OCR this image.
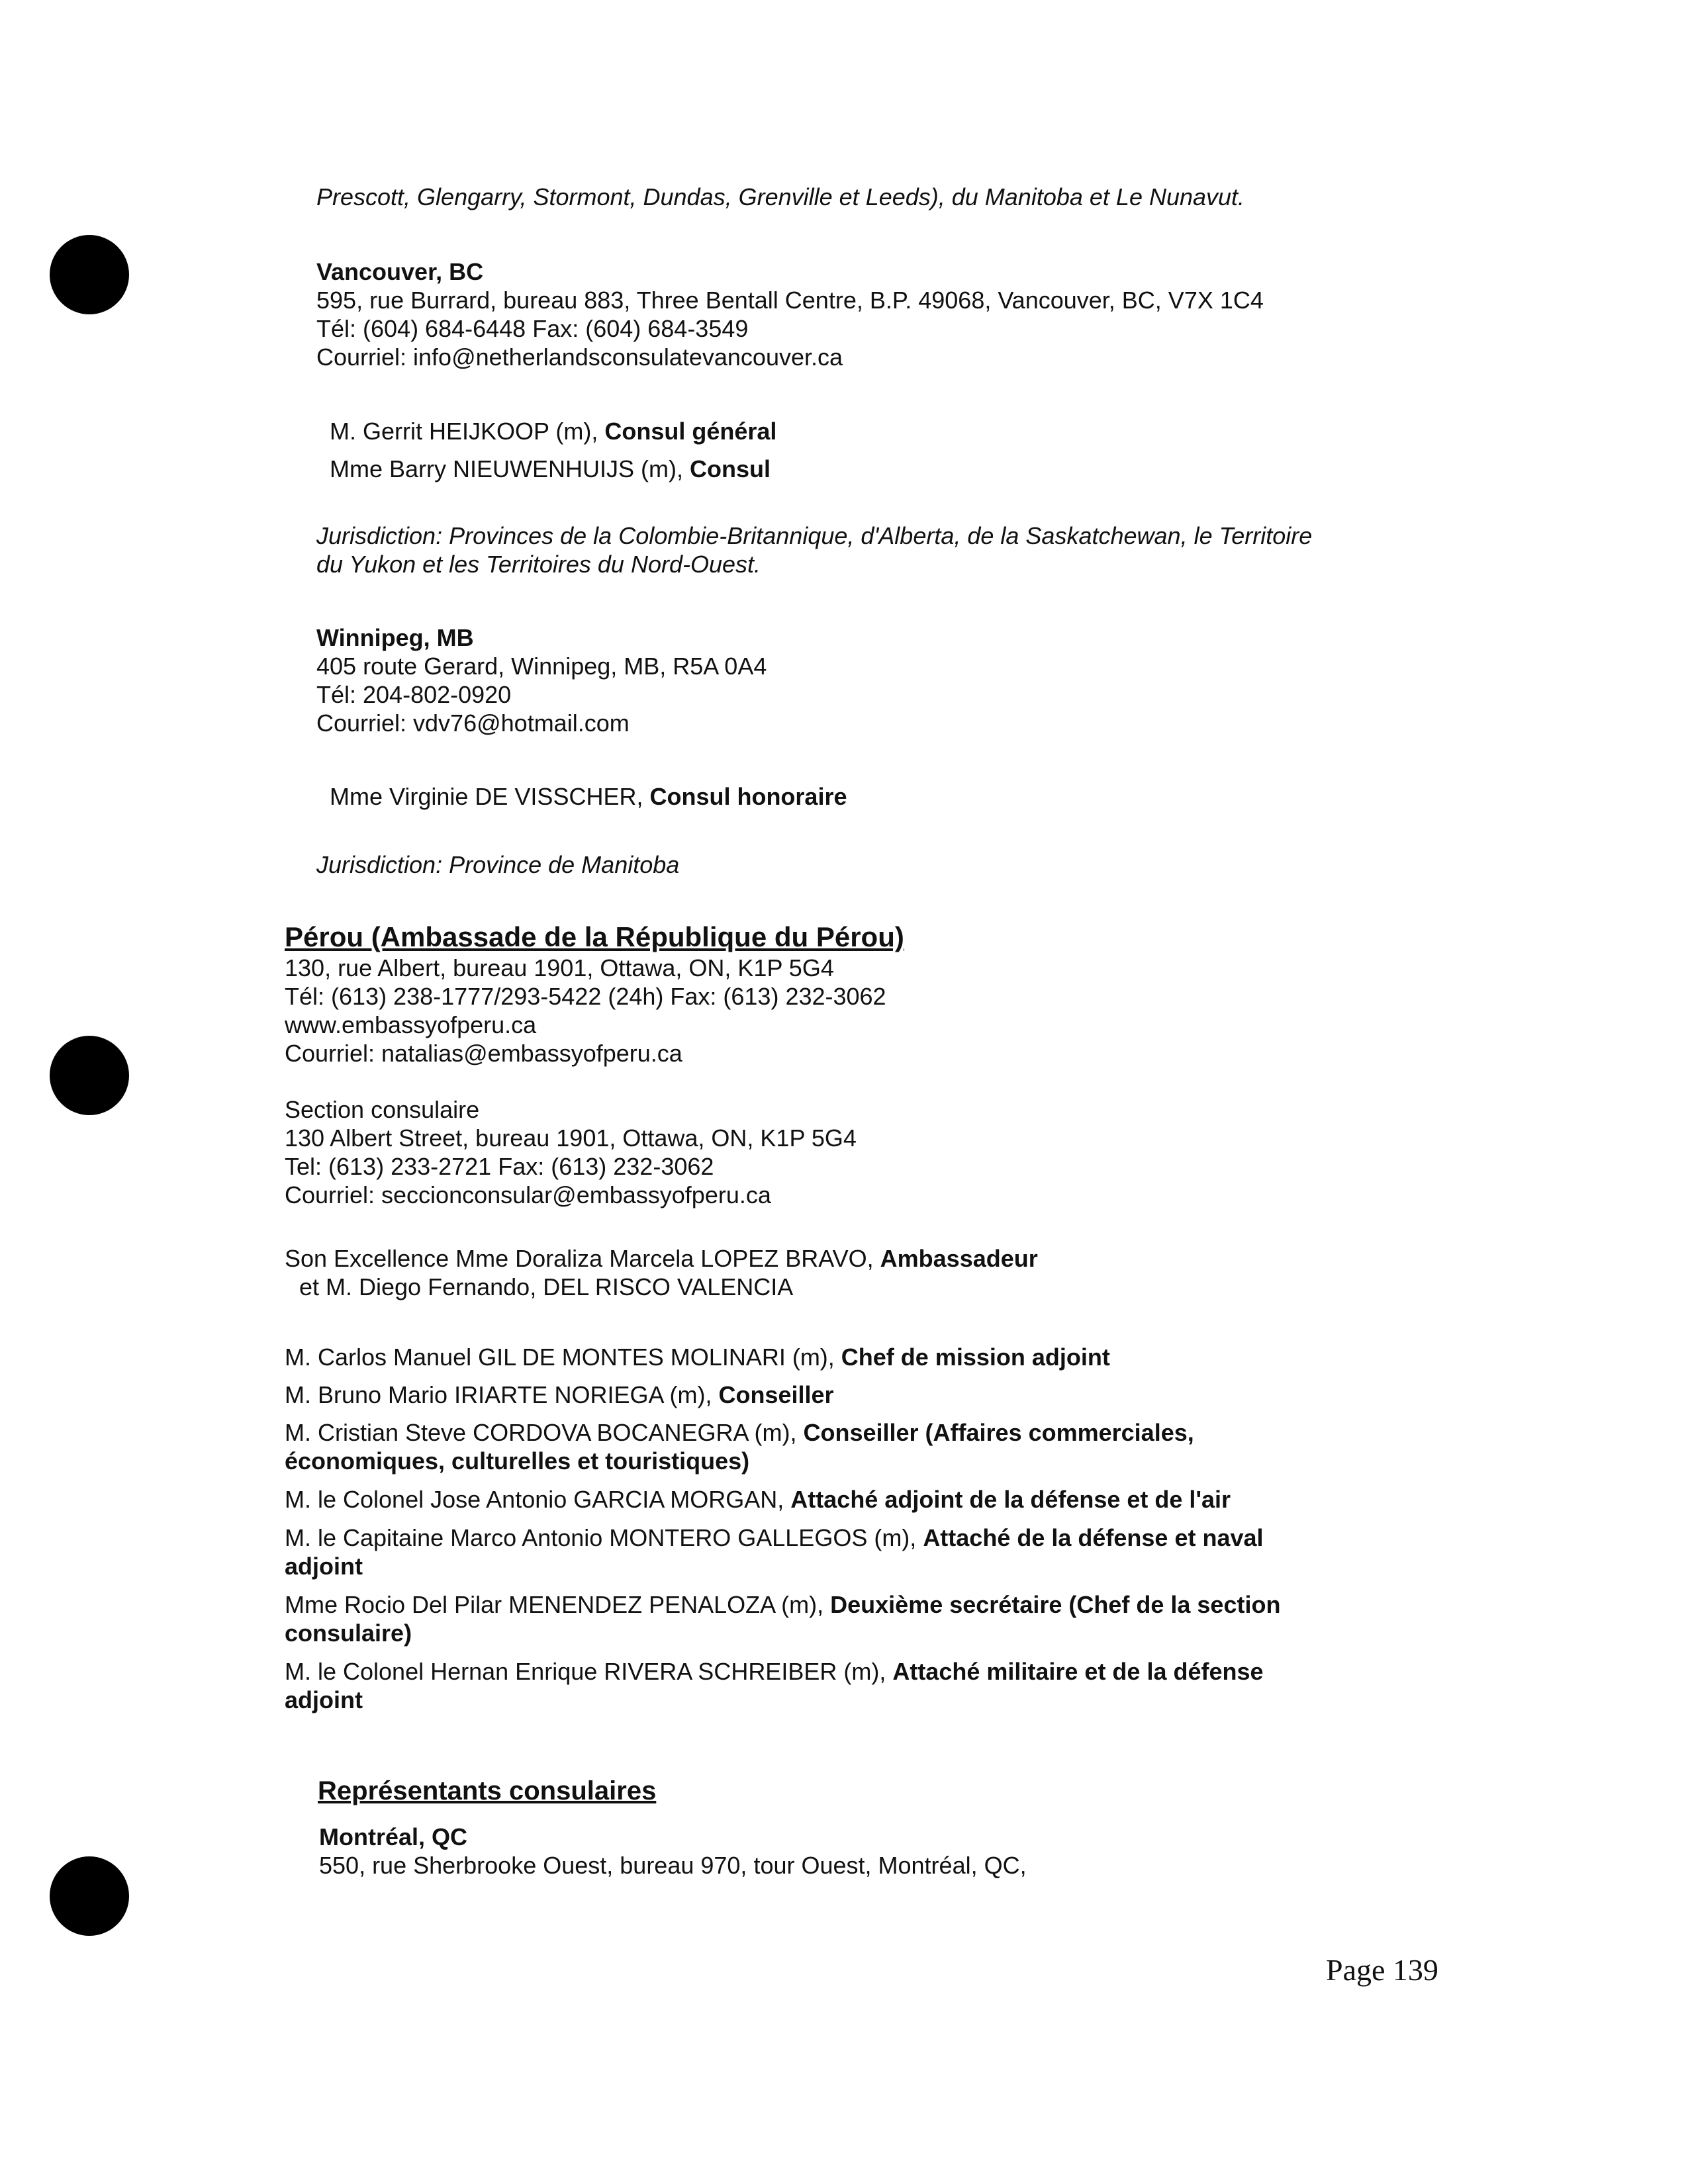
Prescott, Glengarry, Stormont, Dundas, Grenville et Leeds), du Manitoba et Le Nunavut.
Vancouver, BC
595, rue Burrard, bureau 883, Three Bentall Centre, B.P. 49068, Vancouver, BC, V7X 1C4
Tél: (604) 684-6448 Fax: (604) 684-3549
Courriel: info@netherlandsconsulatevancouver.ca
M. Gerrit HEIJKOOP (m), Consul général
Mme Barry NIEUWENHUIJS (m), Consul
Jurisdiction: Provinces de la Colombie-Britannique, d'Alberta, de la Saskatchewan, le Territoire
du Yukon et les Territoires du Nord-Ouest.
Winnipeg, MB
405 route Gerard, Winnipeg, MB, R5A 0A4
Tél: 204-802-0920
Courriel: vdv76@hotmail.com
Mme Virginie DE VISSCHER, Consul honoraire
Jurisdiction: Province de Manitoba
Pérou (Ambassade de la République du Pérou)
130, rue Albert, bureau 1901, Ottawa, ON, K1P 5G4
Tél: (613) 238-1777/293-5422 (24h) Fax: (613) 232-3062
www.embassyofperu.ca
Courriel: natalias@embassyofperu.ca
Section consulaire
130 Albert Street, bureau 1901, Ottawa, ON, K1P 5G4
Tel: (613) 233-2721 Fax: (613) 232-3062
Courriel: seccionconsular@embassyofperu.ca
Son Excellence Mme Doraliza Marcela LOPEZ BRAVO, Ambassadeur
et M. Diego Fernando, DEL RISCO VALENCIA
M. Carlos Manuel GIL DE MONTES MOLINARI (m), Chef de mission adjoint
M. Bruno Mario IRIARTE NORIEGA (m), Conseiller
M. Cristian Steve CORDOVA BOCANEGRA (m), Conseiller (Affaires commerciales,
économiques, culturelles et touristiques)
M. le Colonel Jose Antonio GARCIA MORGAN, Attaché adjoint de la défense et de l'air
M. le Capitaine Marco Antonio MONTERO GALLEGOS (m), Attaché de la défense et naval
adjoint
Mme Rocio Del Pilar MENENDEZ PENALOZA (m), Deuxième secrétaire (Chef de la section
consulaire)
M. le Colonel Hernan Enrique RIVERA SCHREIBER (m), Attaché militaire et de la défense
adjoint
Représentants consulaires
Montréal, QC
550, rue Sherbrooke Ouest, bureau 970, tour Ouest, Montréal, QC,
Page 139
